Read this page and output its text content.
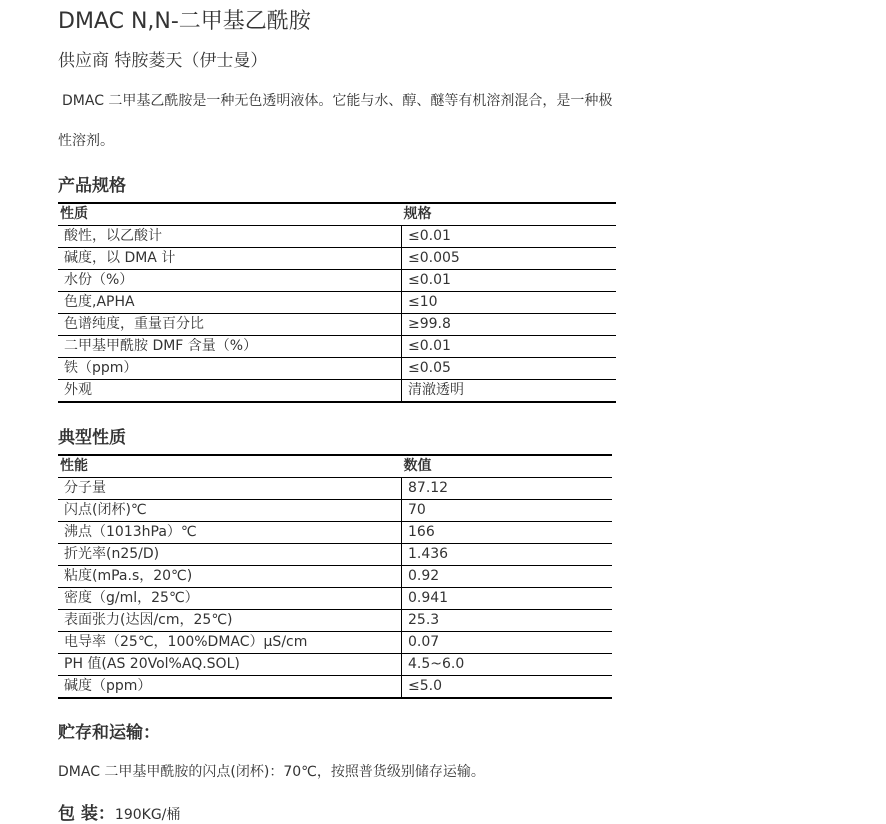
DMAC N,N-二甲基乙酰胺
供应商 特胺菱天（伊士曼）
DMAC 二甲基乙酰胺是一种无色透明液体。它能与水、醇、醚等有机溶剂混合，是一种极
性溶剂。
产品规格
性质	规格
酸性，以乙酸计	≤0.01
碱度，以 DMA 计	≤0.005
水份（%）	≤0.01
色度,APHA	≤10
色谱纯度，重量百分比	≥99.8
二甲基甲酰胺 DMF 含量（%）	≤0.01
铁（ppm）	≤0.05
外观	清澈透明
典型性质
性能	数值
分子量	87.12
闪点(闭杯)℃	70
沸点（1013hPa）℃	166
折光率(n25/D)	1.436
粘度(mPa.s，20℃)	0.92
密度（g/ml，25℃）	0.941
表面张力(达因/cm，25℃)	25.3
电导率（25℃，100%DMAC）μS/cm	0.07
PH 值(AS 20Vol%AQ.SOL)	4.5~6.0
碱度（ppm）	≤5.0
贮存和运输：
DMAC 二甲基甲酰胺的闪点(闭杯)：70℃，按照普货级别储存运输。
包 装：190KG/桶
